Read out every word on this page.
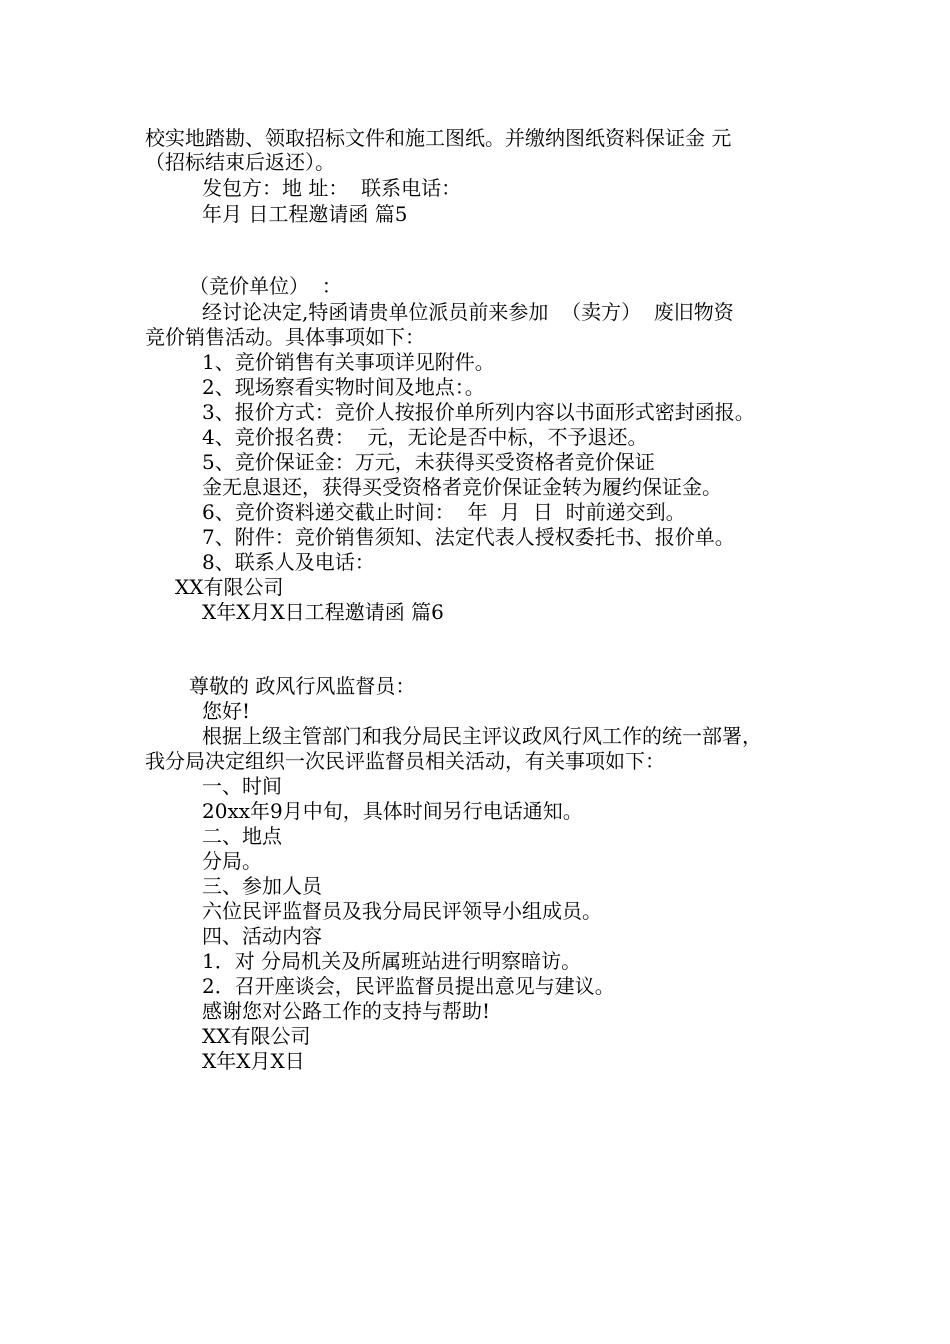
校实地踏勘、领取招标文件和施工图纸。并缴纳图纸资料保证金 元
（招标结束后返还）。
发包方：地 址：  联系电话：
年月 日工程邀请函 篇5
（竞价单位）  ：
经讨论决定,特函请贵单位派员前来参加  （卖方）  废旧物资
竞价销售活动。具体事项如下：
1、竞价销售有关事项详见附件。
2、现场察看实物时间及地点：。
3、报价方式：竞价人按报价单所列内容以书面形式密封函报。
4、竞价报名费：  元，无论是否中标，不予退还。
5、竞价保证金：万元，未获得买受资格者竞价保证
金无息退还，获得买受资格者竞价保证金转为履约保证金。
6、竞价资料递交截止时间：  年  月  日  时前递交到。
7、附件：竞价销售须知、法定代表人授权委托书、报价单。
8、联系人及电话：
XX有限公司
X年X月X日工程邀请函 篇6
尊敬的 政风行风监督员：
您好!
根据上级主管部门和我分局民主评议政风行风工作的统一部署，
我分局决定组织一次民评监督员相关活动，有关事项如下：
一、时间
20xx年9月中旬，具体时间另行电话通知。
二、地点
分局。
三、参加人员
六位民评监督员及我分局民评领导小组成员。
四、活动内容
1．对 分局机关及所属班站进行明察暗访。
2．召开座谈会，民评监督员提出意见与建议。
感谢您对公路工作的支持与帮助!
XX有限公司
X年X月X日
